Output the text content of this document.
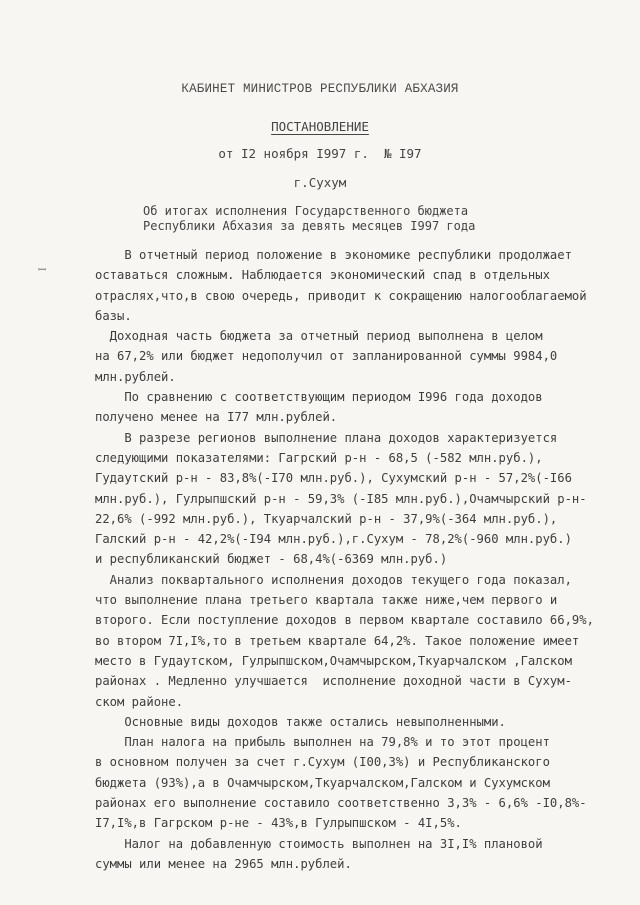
КАБИНЕТ МИНИСТРОВ РЕСПУБЛИКИ АБХАЗИЯ
ПОСТАНОВЛЕНИЕ
от I2 ноября I997 г.  № I97
г.Сухум
Об итогах исполнения Государственного бюджета
Республики Абхазия за девять месяцев I997 года
ꟷ
В отчетный период положение в экономике республики продолжает
оставаться сложным. Наблюдается экономический спад в отдельных
отраслях,что,в свою очередь, приводит к сокращению налогооблагаемой
базы.
Доходная часть бюджета за отчетный период выполнена в целом
на 67,2% или бюджет недополучил от запланированной суммы 9984,0
млн.рублей.
По сравнению с соответствующим периодом I996 года доходов
получено менее на I77 млн.рублей.
В разрезе регионов выполнение плана доходов характеризуется
следующими показателями: Гагрский р-н - 68,5 (-582 млн.руб.),
Гудаутский р-н - 83,8%(-I70 млн.руб.), Сухумский р-н - 57,2%(-I66
млн.руб.), Гулрыпшский р-н - 59,3% (-I85 млн.руб.),Очамчырский р-н-
22,6% (-992 млн.руб.), Ткуарчалский р-н - 37,9%(-364 млн.руб.),
Галский р-н - 42,2%(-I94 млн.руб.),г.Сухум - 78,2%(-960 млн.руб.)
и республиканский бюджет - 68,4%(-6369 млн.руб.)
Анализ поквартального исполнения доходов текущего года показал,
что выполнение плана третьего квартала также ниже,чем первого и
второго. Если поступление доходов в первом квартале составило 66,9%,
во втором 7I,I%,то в третьем квартале 64,2%. Такое положение имеет
место в Гудаутском, Гулрыпшском,Очамчырском,Ткуарчалском ,Галском
районах . Медленно улучшается  исполнение доходной части в Сухум-
ском районе.
Основные виды доходов также остались невыполненными.
План налога на прибыль выполнен на 79,8% и то этот процент
в основном получен за счет г.Сухум (I00,3%) и Республиканского
бюджета (93%),а в Очамчырском,Ткуарчалском,Галском и Сухумском
районах его выполнение составило соответственно 3,3% - 6,6% -I0,8%-
I7,I%,в Гагрском р-не - 43%,в Гулрыпшском - 4I,5%.
Налог на добавленную стоимость выполнен на 3I,I% плановой
суммы или менее на 2965 млн.рублей.
